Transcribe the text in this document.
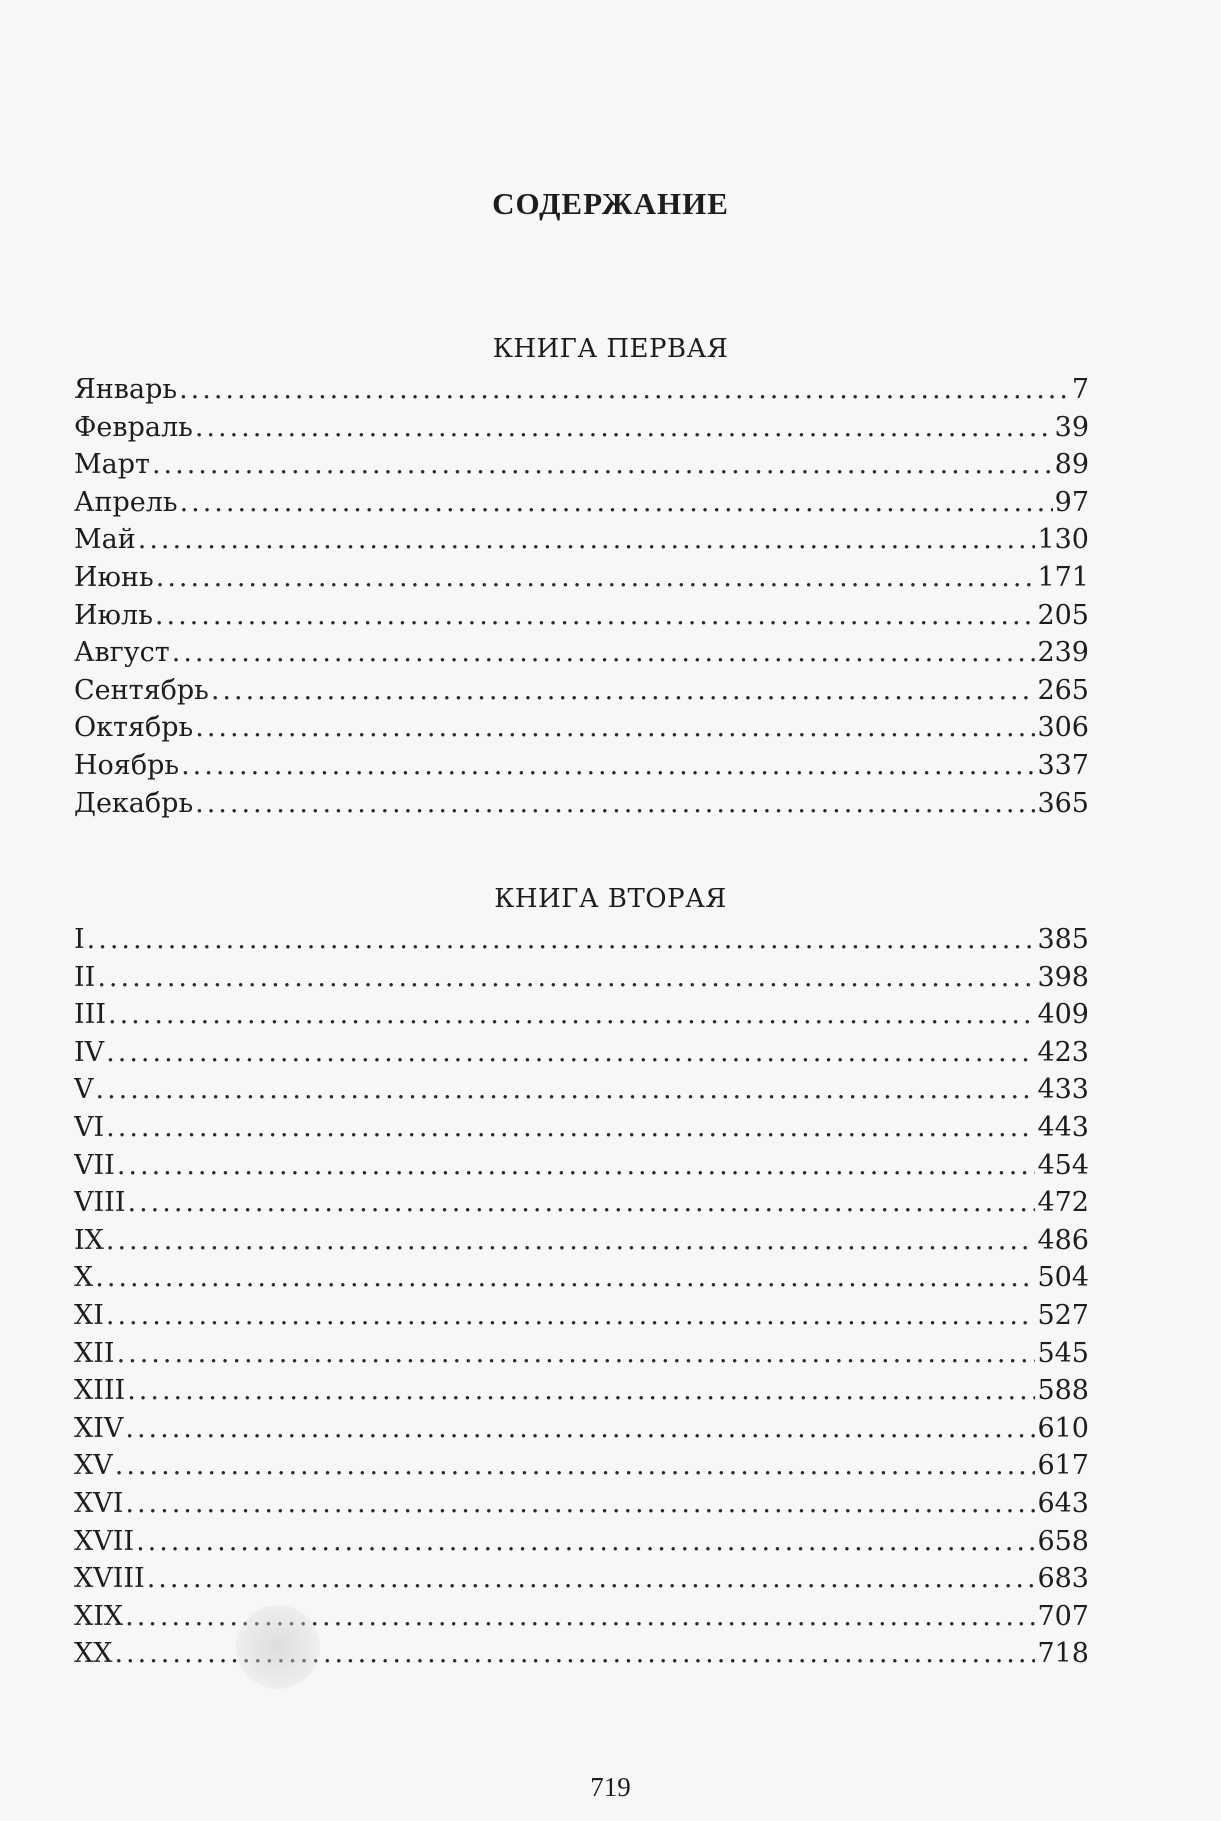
СОДЕРЖАНИЕ
КНИГА ПЕРВАЯ
Январь .....	7
Февраль .....	39
Март .....	89
Апрель .....	97
Май .....	130
Июнь .....	171
Июль .....	205
Август .....	239
Сентябрь .....	265
Октябрь .....	306
Ноябрь .....	337
Декабрь .....	365
КНИГА ВТОРАЯ
I .....	385
II .....	398
III .....	409
IV .....	423
V .....	433
VI .....	443
VII .....	454
VIII .....	472
IX .....	486
X .....	504
XI .....	527
XII .....	545
XIII .....	588
XIV .....	610
XV .....	617
XVI .....	643
XVII .....	658
XVIII .....	683
XIX .....	707
XX .....	718
719
